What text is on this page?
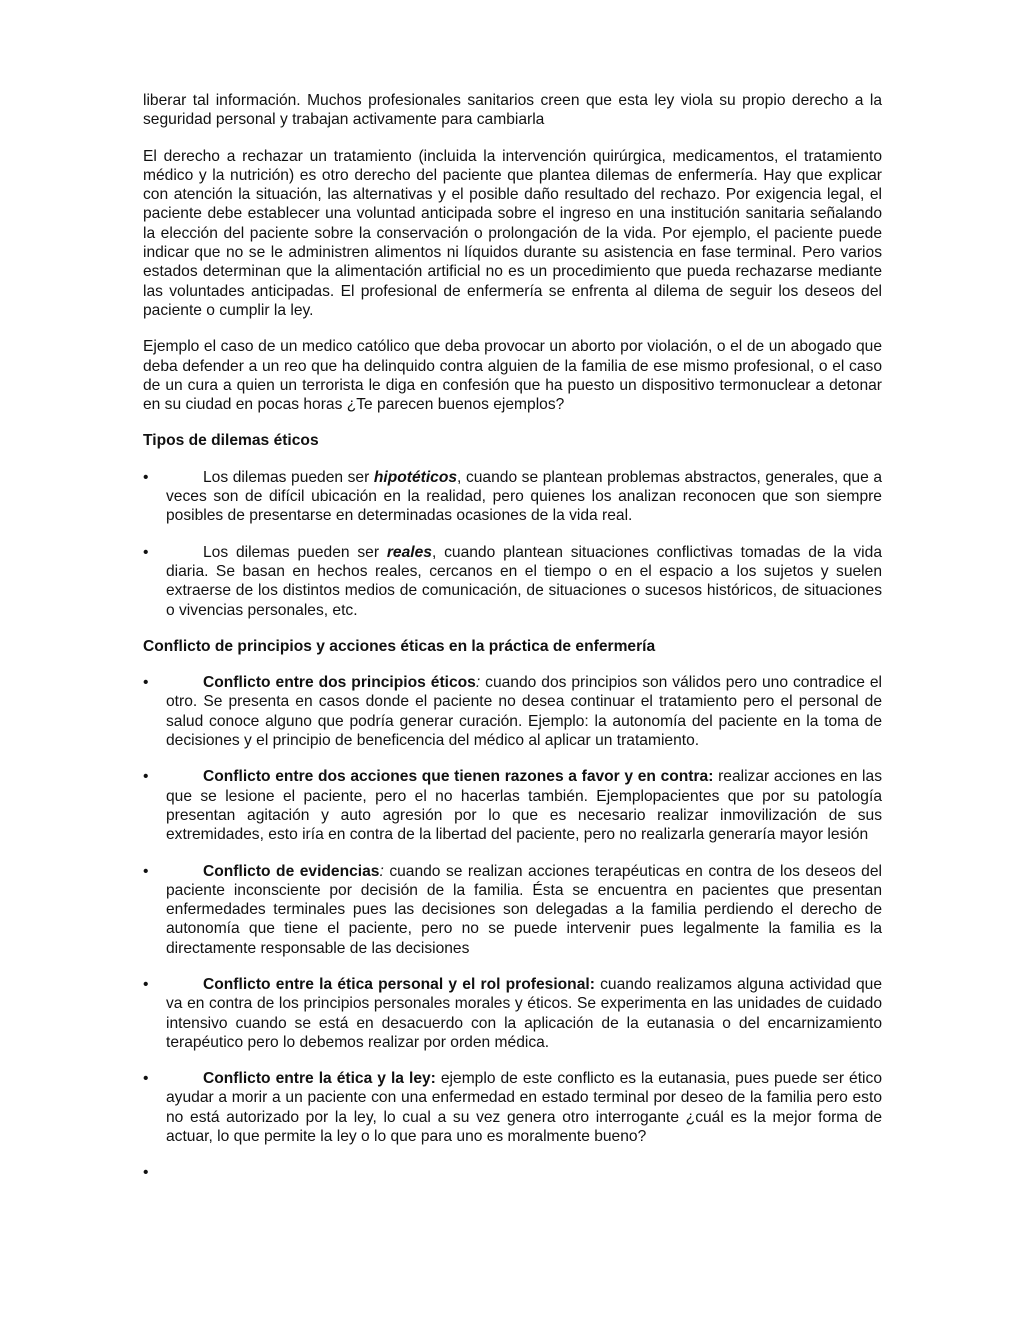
liberar tal información. Muchos profesionales sanitarios creen que esta ley viola su propio derecho a la seguridad personal y trabajan activamente para cambiarla

El derecho a rechazar un tratamiento (incluida la intervención quirúrgica, medicamentos, el tratamiento médico y la nutrición) es otro derecho del paciente que plantea dilemas de enfermería. Hay que explicar con atención la situación, las alternativas y el posible daño resultado del rechazo. Por exigencia legal, el paciente debe establecer una voluntad anticipada sobre el ingreso en una institución sanitaria señalando la elección del paciente sobre la conservación o prolongación de la vida. Por ejemplo, el paciente puede indicar que no se le administren alimentos ni líquidos durante su asistencia en fase terminal. Pero varios estados determinan que la alimentación artificial no es un procedimiento que pueda rechazarse mediante las voluntades anticipadas. El profesional de enfermería se enfrenta al dilema de seguir los deseos del paciente o cumplir la ley.

Ejemplo el caso de un medico católico que deba provocar un aborto por violación, o el de un abogado que deba defender a un reo que ha delinquido contra alguien de la familia de ese mismo profesional, o el caso de un cura a quien un terrorista le diga en confesión que ha puesto un dispositivo termonuclear a detonar en su ciudad en pocas horas ¿Te parecen buenos ejemplos?

Tipos de dilemas éticos
•	Los dilemas pueden ser hipotéticos, cuando se plantean problemas abstractos, generales, que a veces son de difícil ubicación en la realidad, pero quienes los analizan reconocen que son siempre posibles de presentarse en determinadas ocasiones de la vida real.
•	Los dilemas pueden ser reales, cuando plantean situaciones conflictivas tomadas de la vida diaria. Se basan en hechos reales, cercanos en el tiempo o en el espacio a los sujetos y suelen extraerse de los distintos medios de comunicación, de situaciones o sucesos históricos, de situaciones o vivencias personales, etc.
Conflicto de principios y acciones éticas en la práctica de enfermería
•	Conflicto entre dos principios éticos: cuando dos principios son válidos pero uno contradice el otro. Se presenta en casos donde el paciente no desea continuar el tratamiento pero el personal de salud conoce alguno que podría generar curación. Ejemplo: la autonomía del paciente en la toma de decisiones y el principio de beneficencia del médico al aplicar un tratamiento.
•	Conflicto entre dos acciones que tienen razones a favor y en contra: realizar acciones en las que se lesione el paciente, pero el no hacerlas también. Ejemplopacientes que por su patología presentan agitación y auto agresión por lo que es necesario realizar inmovilización de sus extremidades, esto iría en contra de la libertad del paciente, pero no realizarla generaría mayor lesión
•	Conflicto de evidencias: cuando se realizan acciones terapéuticas en contra de los deseos del paciente inconsciente por decisión de la familia. Ésta se encuentra en pacientes que presentan enfermedades terminales pues las decisiones son delegadas a la familia perdiendo el derecho de autonomía que tiene el paciente, pero no se puede intervenir pues legalmente la familia es la directamente responsable de las decisiones
•	Conflicto entre la ética personal y el rol profesional: cuando realizamos alguna actividad que va en contra de los principios personales morales y éticos. Se experimenta en las unidades de cuidado intensivo cuando se está en desacuerdo con la aplicación de la eutanasia o del encarnizamiento terapéutico pero lo debemos realizar por orden médica.
•	Conflicto entre la ética y la ley: ejemplo de este conflicto es la eutanasia, pues puede ser ético ayudar a morir a un paciente con una enfermedad en estado terminal por deseo de la familia pero esto no está autorizado por la ley, lo cual a su vez genera otro interrogante ¿cuál es la mejor forma de actuar, lo que permite la ley o lo que para uno es moralmente bueno?
•
